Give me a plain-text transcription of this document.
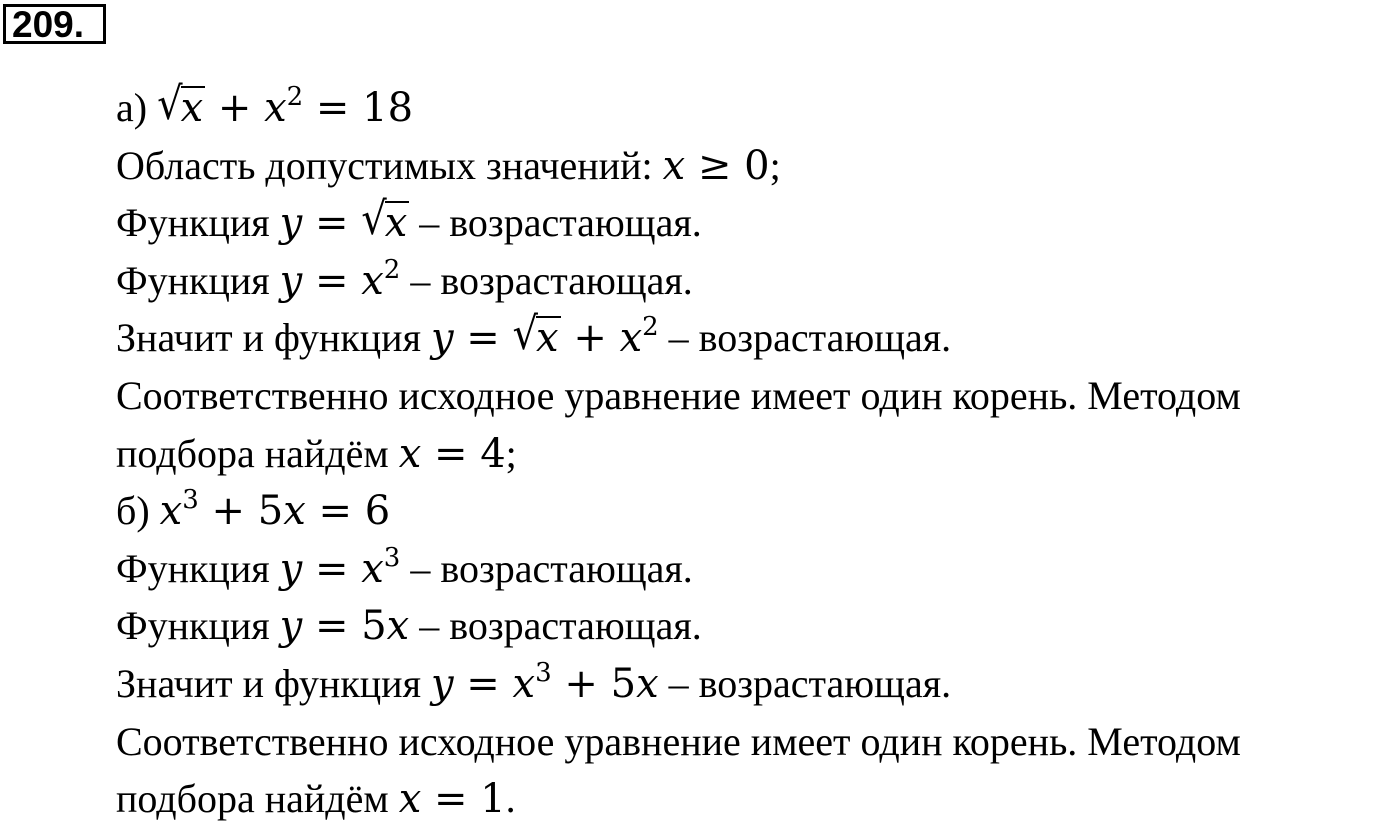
209.
а) $√x + x^2 = 18$
Область допустимых значений: x ≥ 0;
Функция y = √x – возрастающая.
Функция $y = x^2$ – возрастающая.
Значит и функция $y = √x + x^2$ – возрастающая.
Соответственно исходное уравнение имеет один корень. Методом
подбора найдём x = 4;
б) $x^3 + 5x = 6$
Функция $y = x^3$ – возрастающая.
Функция y = 5x – возрастающая.
Значит и функция $y = x^3 + 5x$ – возрастающая.
Соответственно исходное уравнение имеет один корень. Методом
подбора найдём x = 1.
